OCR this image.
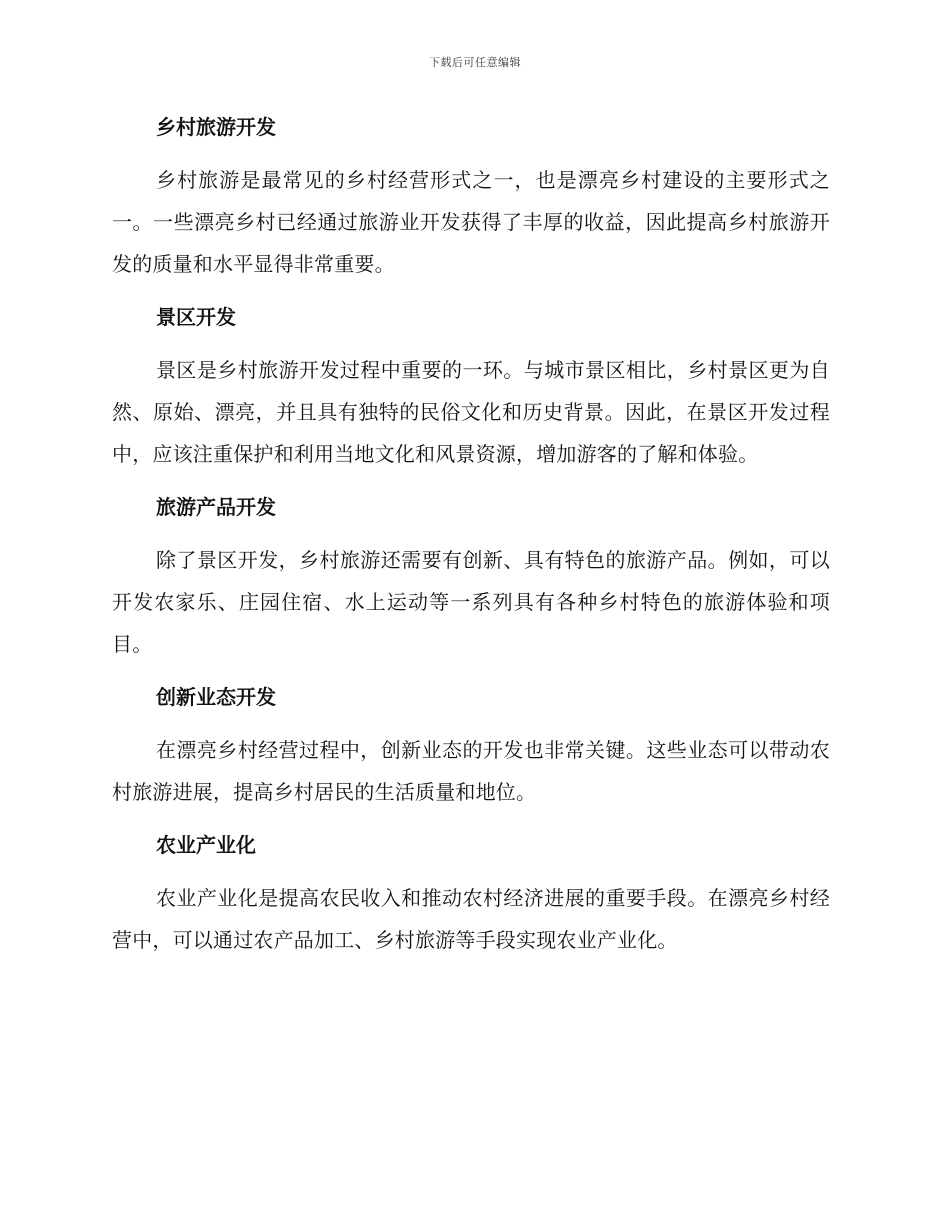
下载后可任意编辑
乡村旅游开发

乡村旅游是最常见的乡村经营形式之一，也是漂亮乡村建设的主要形式之一。一些漂亮乡村已经通过旅游业开发获得了丰厚的收益，因此提高乡村旅游开发的质量和水平显得非常重要。

景区开发

景区是乡村旅游开发过程中重要的一环。与城市景区相比，乡村景区更为自然、原始、漂亮，并且具有独特的民俗文化和历史背景。因此，在景区开发过程中，应该注重保护和利用当地文化和风景资源，增加游客的了解和体验。

旅游产品开发

除了景区开发，乡村旅游还需要有创新、具有特色的旅游产品。例如，可以开发农家乐、庄园住宿、水上运动等一系列具有各种乡村特色的旅游体验和项目。

创新业态开发

在漂亮乡村经营过程中，创新业态的开发也非常关键。这些业态可以带动农村旅游进展，提高乡村居民的生活质量和地位。

农业产业化

农业产业化是提高农民收入和推动农村经济进展的重要手段。在漂亮乡村经营中，可以通过农产品加工、乡村旅游等手段实现农业产业化。
